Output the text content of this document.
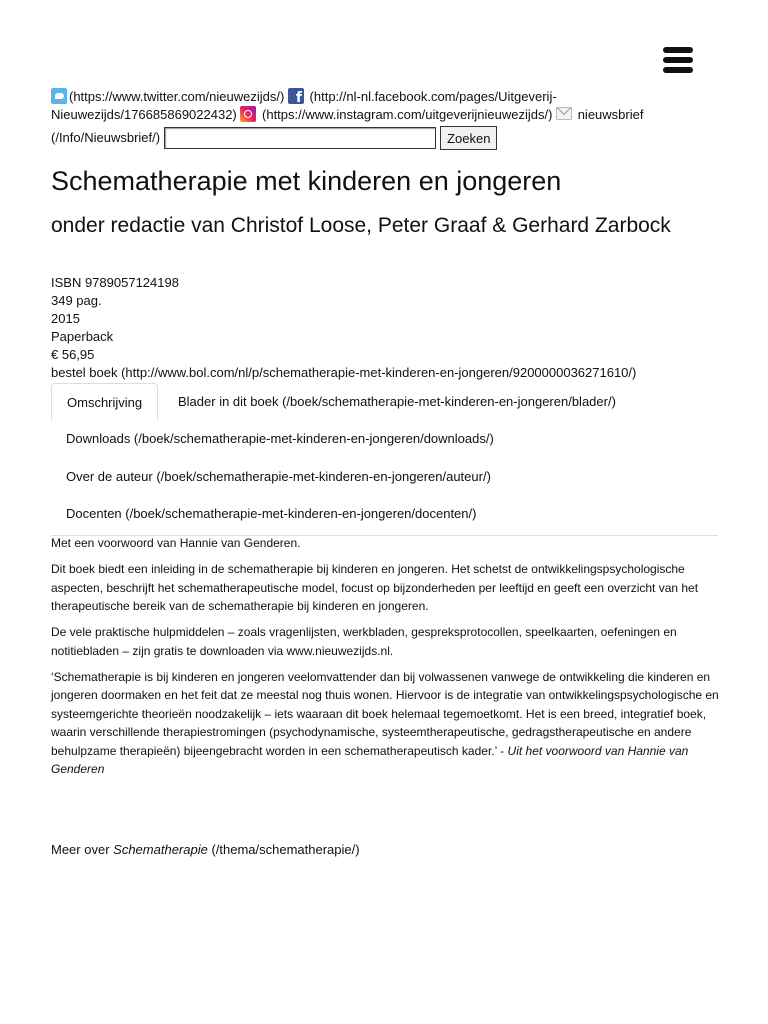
(https://www.twitter.com/nieuwezijds/) f (http://nl-nl.facebook.com/pages/Uitgeverij-Nieuwezijds/176685869022432) (https://www.instagram.com/uitgeverijnieuwezijds/) nieuwsbrief
(/Info/Nieuwsbrief/)	Zoeken
Schematherapie met kinderen en jongeren
onder redactie van Christof Loose, Peter Graaf & Gerhard Zarbock
ISBN 9789057124198
349 pag.
2015
Paperback
€ 56,95
bestel boek (http://www.bol.com/nl/p/schematherapie-met-kinderen-en-jongeren/9200000036271610/)
Omschrijving	Blader in dit boek (/boek/schematherapie-met-kinderen-en-jongeren/blader/)
Downloads (/boek/schematherapie-met-kinderen-en-jongeren/downloads/)
Over de auteur (/boek/schematherapie-met-kinderen-en-jongeren/auteur/)
Docenten (/boek/schematherapie-met-kinderen-en-jongeren/docenten/)

Met een voorwoord van Hannie van Genderen.

Dit boek biedt een inleiding in de schematherapie bij kinderen en jongeren. Het schetst de ontwikkelingspsychologische aspecten, beschrijft het schematherapeutische model, focust op bijzonderheden per leeftijd en geeft een overzicht van het therapeutische bereik van de schematherapie bij kinderen en jongeren.

De vele praktische hulpmiddelen – zoals vragenlijsten, werkbladen, gespreksprotocollen, speelkaarten, oefeningen en notitiebladen – zijn gratis te downloaden via www.nieuwezijds.nl.

‘Schematherapie is bij kinderen en jongeren veelomvattender dan bij volwassenen vanwege de ontwikkeling die kinderen en jongeren doormaken en het feit dat ze meestal nog thuis wonen. Hiervoor is de integratie van ontwikkelingspsychologische en systeemgerichte theorieën noodzakelijk – iets waaraan dit boek helemaal tegemoetkomt. Het is een breed, integratief boek, waarin verschillende therapiestromingen (psychodynamische, systeemtherapeutische, gedragstherapeutische en andere behulpzame therapieën) bijeengebracht worden in een schematherapeutisch kader.’ - Uit het voorwoord van Hannie van Genderen

Meer over Schematherapie (/thema/schematherapie/)
